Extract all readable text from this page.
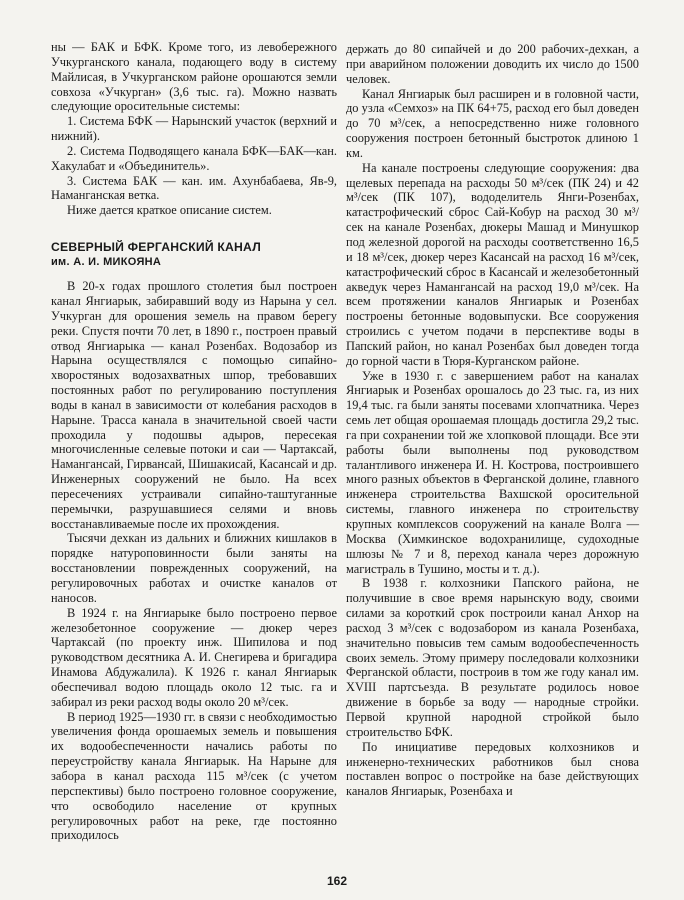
ны — БАК и БФК. Кроме того, из левобережного Учкурганского канала, подающего воду в систему Майлисая, в Учкурганском районе орошаются земли совхоза «Учкурган» (3,6 тыс. га). Можно назвать следующие оросительные системы:

1. Система БФК — Нарынский участок (верхний и нижний).

2. Система Подводящего канала БФК—БАК—кан. Хакулабат и «Объединитель».

3. Система БАК — кан. им. Ахунбабаева, Яв-9, Наманганская ветка.

Ниже дается краткое описание систем.

СЕВЕРНЫЙ ФЕРГАНСКИЙ КАНАЛ
им. А. И. МИКОЯНА

В 20-х годах прошлого столетия был построен канал Янгиарык, забиравший воду из Нарына у сел. Учкурган для орошения земель на правом берегу реки. Спустя почти 70 лет, в 1890 г., построен правый отвод Янгиарыка — канал Розенбах. Водозабор из Нарына осуществлялся с помощью сипайно-хворостяных водозахватных шпор, требовавших постоянных работ по регулированию поступления воды в канал в зависимости от колебания расходов в Нарыне. Трасса канала в значительной своей части проходила у подошвы адыров, пересекая многочисленные селевые потоки и саи — Чартаксай, Намангансай, Гирвансай, Шишакисай, Касансай и др. Инженерных сооружений не было. На всех пересечениях устраивали сипайно-таштуганные перемычки, разрушавшиеся селями и вновь восстанавливаемые после их прохождения.

Тысячи дехкан из дальних и ближних кишлаков в порядке натуроповинности были заняты на восстановлении поврежденных сооружений, на регулировочных работах и очистке каналов от наносов.

В 1924 г. на Янгиарыке было построено первое железобетонное сооружение — дюкер через Чартаксай (по проекту инж. Шипилова и под руководством десятника А. И. Снегирева и бригадира Инамова Абдужалила). К 1926 г. канал Янгиарык обеспечивал водою площадь около 12 тыс. га и забирал из реки расход воды около 20 м³/сек.

В период 1925—1930 гг. в связи с необходимостью увеличения фонда орошаемых земель и повышения их водообеспеченности начались работы по переустройству канала Янгиарык. На Нарыне для забора в канал расхода 115 м³/сек (с учетом перспективы) было построено головное сооружение, что освободило население от крупных регулировочных работ на реке, где постоянно приходилось

держать до 80 сипайчей и до 200 рабочих-дехкан, а при аварийном положении доводить их число до 1500 человек.

Канал Янгиарык был расширен и в головной части, до узла «Семхоз» на ПК 64+75, расход его был доведен до 70 м³/сек, а непосредственно ниже головного сооружения построен бетонный быстроток длиною 1 км.

На канале построены следующие сооружения: два щелевых перепада на расходы 50 м³/сек (ПК 24) и 42 м³/сек (ПК 107), вододелитель Янги-Розенбах, катастрофический сброс Сай-Кобур на расход 30 м³/сек на канале Розенбах, дюкеры Машад и Минушкор под железной дорогой на расходы соответственно 16,5 и 18 м³/сек, дюкер через Касансай на расход 16 м³/сек, катастрофический сброс в Касансай и железобетонный акведук через Намангансай на расход 19,0 м³/сек. На всем протяжении каналов Янгиарык и Розенбах построены бетонные водовыпуски. Все сооружения строились с учетом подачи в перспективе воды в Папский район, но канал Розенбах был доведен тогда до горной части в Тюря-Курганском районе.

Уже в 1930 г. с завершением работ на каналах Янгиарык и Розенбах орошалось до 23 тыс. га, из них 19,4 тыс. га были заняты посевами хлопчатника. Через семь лет общая орошаемая площадь достигла 29,2 тыс. га при сохранении той же хлопковой площади. Все эти работы были выполнены под руководством талантливого инженера И. Н. Кострова, построившего много разных объектов в Ферганской долине, главного инженера строительства Вахшской оросительной системы, главного инженера по строительству крупных комплексов сооружений на канале Волга — Москва (Химкинское водохранилище, судоходные шлюзы № 7 и 8, переход канала через дорожную магистраль в Тушино, мосты и т. д.).

В 1938 г. колхозники Папского района, не получившие в свое время нарынскую воду, своими силами за короткий срок построили канал Анхор на расход 3 м³/сек с водозабором из канала Розенбаха, значительно повысив тем самым водообеспеченность своих земель. Этому примеру последовали колхозники Ферганской области, построив в том же году канал им. XVIII партсъезда. В результате родилось новое движение в борьбе за воду — народные стройки. Первой крупной народной стройкой было строительство БФК.

По инициативе передовых колхозников и инженерно-технических работников был снова поставлен вопрос о постройке на базе действующих каналов Янгиарык, Розенбаха и

162
